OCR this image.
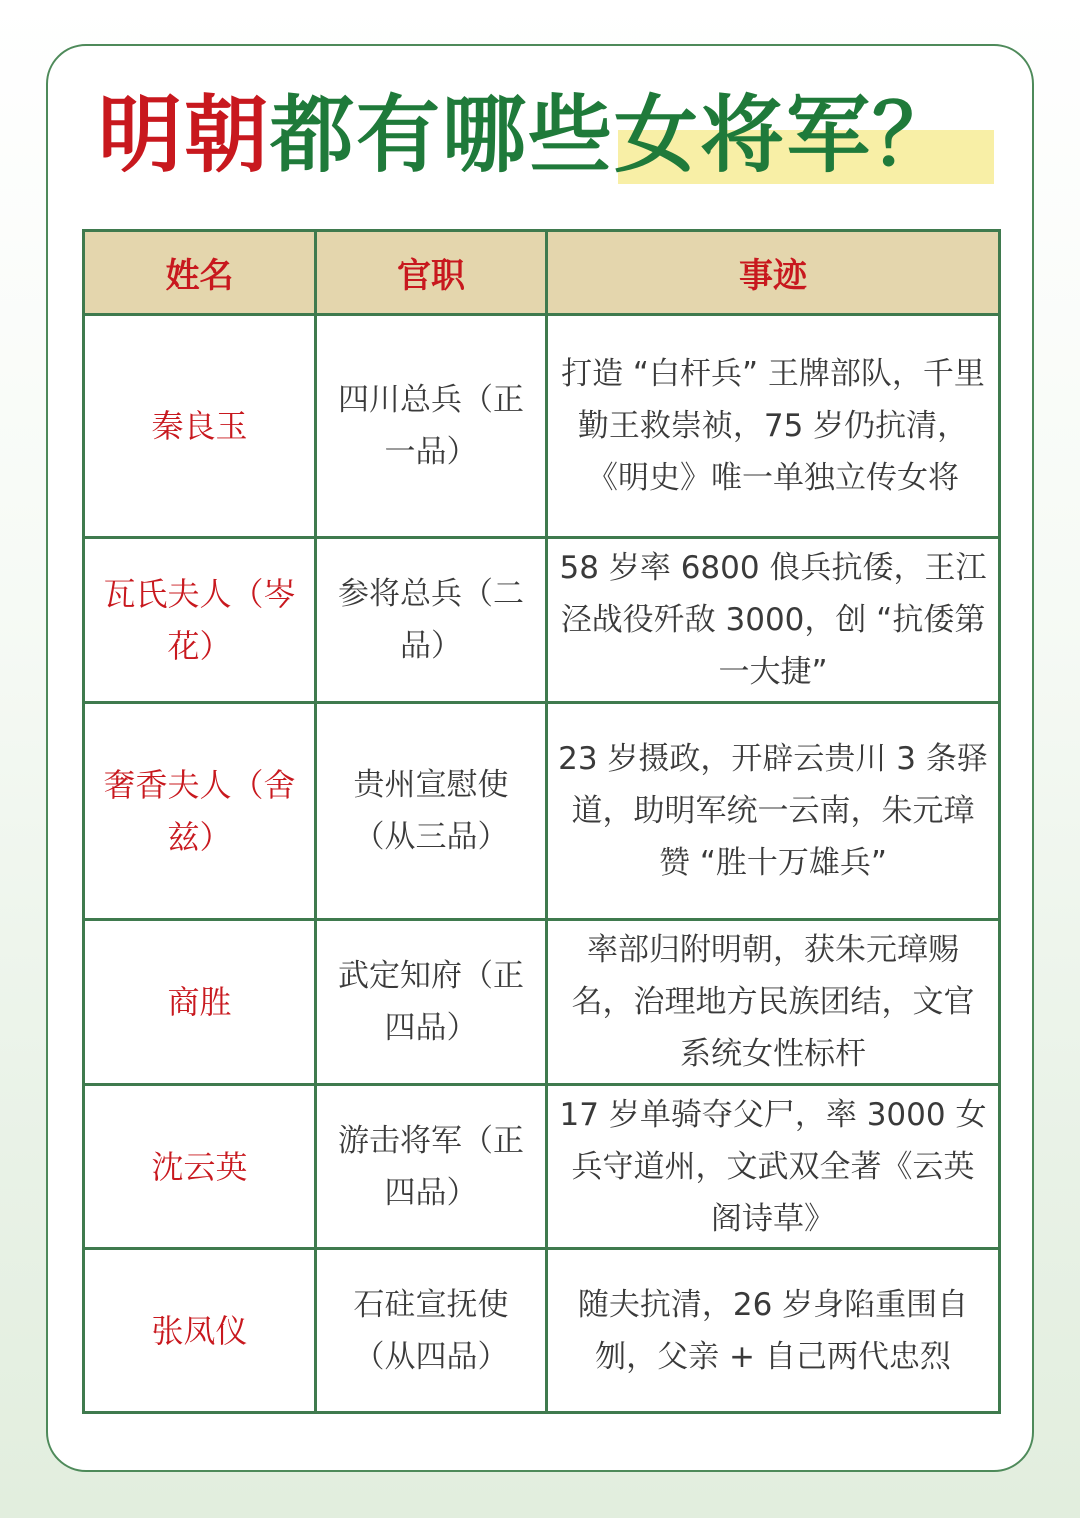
明朝都有哪些女将军？
姓名	官职	事迹
秦良玉	四川总兵（正一品）	打造 “白杆兵” 王牌部队，千里勤王救崇祯，75 岁仍抗清，《明史》唯一单独立传女将
瓦氏夫人（岑花）	参将总兵（二品）	58 岁率 6800 俍兵抗倭，王江泾战役歼敌 3000，创 “抗倭第一大捷”
奢香夫人（舍兹）	贵州宣慰使（从三品）	23 岁摄政，开辟云贵川 3 条驿道，助明军统一云南，朱元璋赞 “胜十万雄兵”
商胜	武定知府（正四品）	率部归附明朝，获朱元璋赐名，治理地方民族团结，文官系统女性标杆
沈云英	游击将军（正四品）	17 岁单骑夺父尸，率 3000 女兵守道州，文武双全著《云英阁诗草》
张凤仪	石砫宣抚使（从四品）	随夫抗清，26 岁身陷重围自刎，父亲 + 自己两代忠烈
